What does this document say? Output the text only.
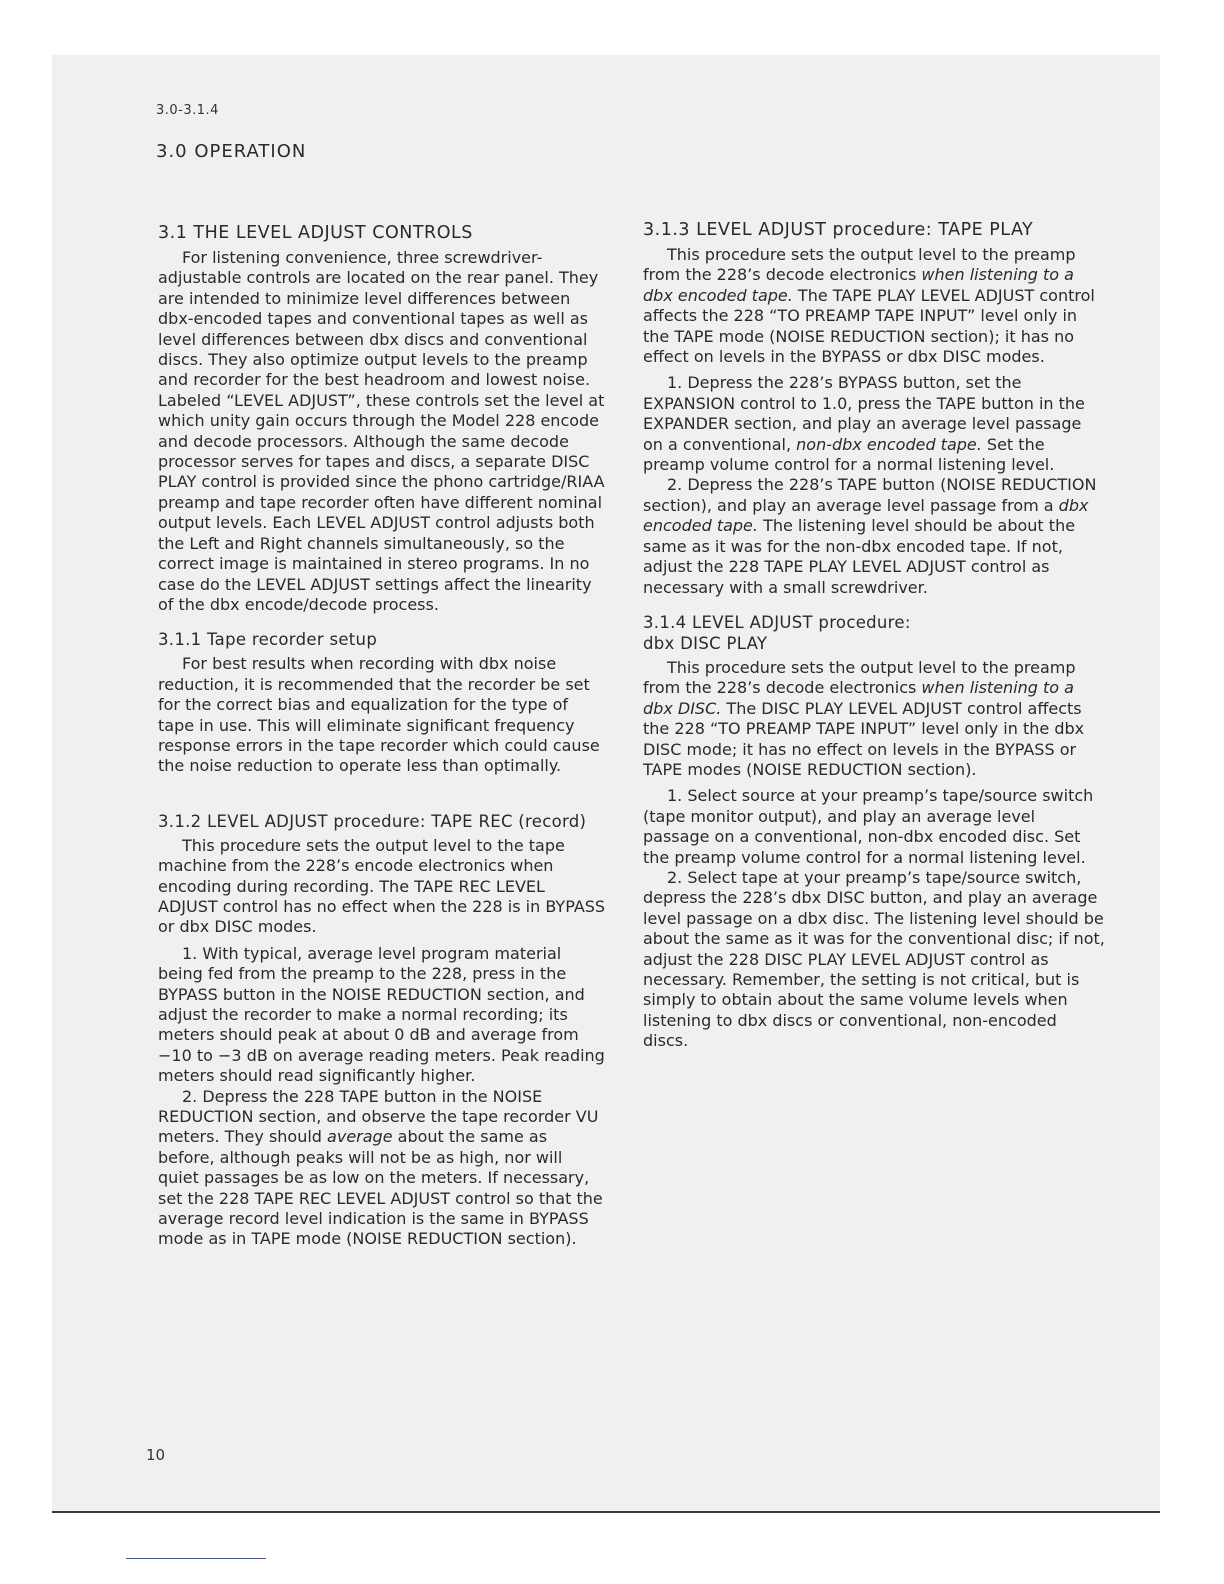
3.0-3.1.4
3.0 OPERATION
3.1 THE LEVEL ADJUST CONTROLS

For listening convenience, three screwdriver-adjustable controls are located on the rear panel. They are intended to minimize level differences between dbx-encoded tapes and conventional tapes as well as level differences between dbx discs and conventional discs. They also optimize output levels to the preamp and recorder for the best headroom and lowest noise. Labeled “LEVEL ADJUST”, these controls set the level at which unity gain occurs through the Model 228 encode and decode processors. Although the same decode processor serves for tapes and discs, a separate DISC PLAY control is provided since the phono cartridge/RIAA preamp and tape recorder often have different nominal output levels. Each LEVEL ADJUST control adjusts both the Left and Right channels simultaneously, so the correct image is maintained in stereo programs. In no case do the LEVEL ADJUST settings affect the linearity of the dbx encode/decode process.

3.1.1 Tape recorder setup

For best results when recording with dbx noise reduction, it is recommended that the recorder be set for the correct bias and equalization for the type of tape in use. This will eliminate significant frequency response errors in the tape recorder which could cause the noise reduction to operate less than optimally.

3.1.2 LEVEL ADJUST procedure: TAPE REC (record)

This procedure sets the output level to the tape machine from the 228’s encode electronics when encoding during recording. The TAPE REC LEVEL ADJUST control has no effect when the 228 is in BYPASS or dbx DISC modes.

1. With typical, average level program material being fed from the preamp to the 228, press in the BYPASS button in the NOISE REDUCTION section, and adjust the recorder to make a normal recording; its meters should peak at about 0 dB and average from −10 to −3 dB on average reading meters. Peak reading meters should read significantly higher.

2. Depress the 228 TAPE button in the NOISE REDUCTION section, and observe the tape recorder VU meters. They should average about the same as before, although peaks will not be as high, nor will quiet passages be as low on the meters. If necessary, set the 228 TAPE REC LEVEL ADJUST control so that the average record level indication is the same in BYPASS mode as in TAPE mode (NOISE REDUCTION section).

3.1.3 LEVEL ADJUST procedure: TAPE PLAY

This procedure sets the output level to the preamp from the 228’s decode electronics when listening to a dbx encoded tape. The TAPE PLAY LEVEL ADJUST control affects the 228 “TO PREAMP TAPE INPUT” level only in the TAPE mode (NOISE REDUCTION section); it has no effect on levels in the BYPASS or dbx DISC modes.

1. Depress the 228’s BYPASS button, set the EXPANSION control to 1.0, press the TAPE button in the EXPANDER section, and play an average level passage on a conventional, non-dbx encoded tape. Set the preamp volume control for a normal listening level.

2. Depress the 228’s TAPE button (NOISE REDUCTION section), and play an average level passage from a dbx encoded tape. The listening level should be about the same as it was for the non-dbx encoded tape. If not, adjust the 228 TAPE PLAY LEVEL ADJUST control as necessary with a small screwdriver.

3.1.4 LEVEL ADJUST procedure:
dbx DISC PLAY

This procedure sets the output level to the preamp from the 228’s decode electronics when listening to a dbx DISC. The DISC PLAY LEVEL ADJUST control affects the 228 “TO PREAMP TAPE INPUT” level only in the dbx DISC mode; it has no effect on levels in the BYPASS or TAPE modes (NOISE REDUCTION section).

1. Select source at your preamp’s tape/source switch (tape monitor output), and play an average level passage on a conventional, non-dbx encoded disc. Set the preamp volume control for a normal listening level.

2. Select tape at your preamp’s tape/source switch, depress the 228’s dbx DISC button, and play an average level passage on a dbx disc. The listening level should be about the same as it was for the conventional disc; if not, adjust the 228 DISC PLAY LEVEL ADJUST control as necessary. Remember, the setting is not critical, but is simply to obtain about the same volume levels when listening to dbx discs or conventional, non-encoded discs.

10
